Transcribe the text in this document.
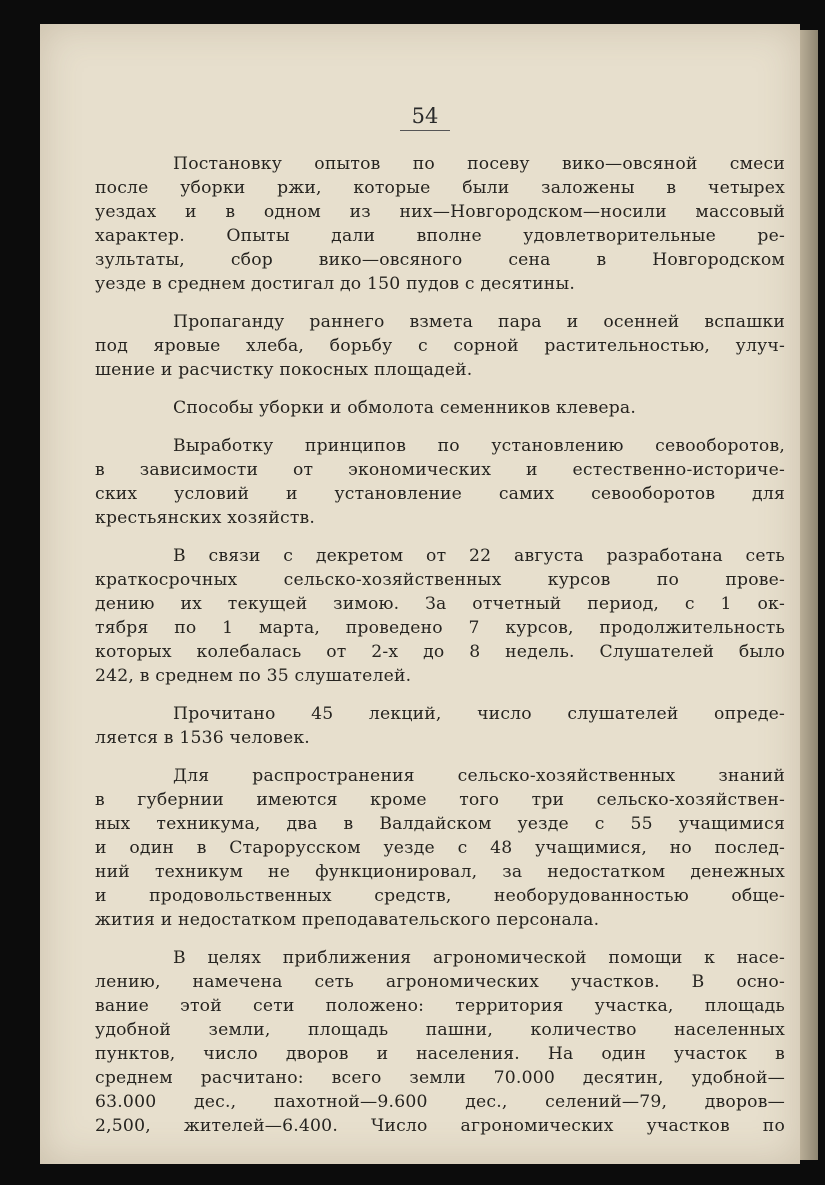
54

Постановку опытов по посеву вико—овсяной смеси
после уборки ржи, которые были заложены в четырех
уездах и в одном из них—Новгородском—носили массовый
характер. Опыты дали вполне удовлетворительные ре-
зультаты, сбор вико—овсяного сена в Новгородском
уезде в среднем достигал до 150 пудов с десятины.

Пропаганду раннего взмета пара и осенней вспашки
под яровые хлеба, борьбу с сорной растительностью, улуч-
шение и расчистку покосных площадей.

Способы уборки и обмолота семенников клевера.

Выработку принципов по установлению севооборотов,
в зависимости от экономических и естественно-историче-
ских условий и установление самих севооборотов для
крестьянских хозяйств.

В связи с декретом от 22 августа разработана сеть
краткосрочных сельско-хозяйственных курсов по прове-
дению их текущей зимою. За отчетный период, с 1 ок-
тября по 1 марта, проведено 7 курсов, продолжительность
которых колебалась от 2-х до 8 недель. Слушателей было
242, в среднем по 35 слушателей.

Прочитано 45 лекций, число слушателей опреде-
ляется в 1536 человек.

Для распространения сельско-хозяйственных знаний
в губернии имеются кроме того три сельско-хозяйствен-
ных техникума, два в Валдайском уезде с 55 учащимися
и один в Старорусском уезде с 48 учащимися, но послед-
ний техникум не функционировал, за недостатком денежных
и продовольственных средств, необорудованностью обще-
жития и недостатком преподавательского персонала.

В целях приближения агрономической помощи к насе-
лению, намечена сеть агрономических участков. В осно-
вание этой сети положено: территория участка, площадь
удобной земли, площадь пашни, количество населенных
пунктов, число дворов и населения. На один участок в
среднем расчитано: всего земли 70.000 десятин, удобной—
63.000 дес., пахотной—9.600 дес., селений—79, дворов—
2,500, жителей—6.400. Число агрономических участков по
